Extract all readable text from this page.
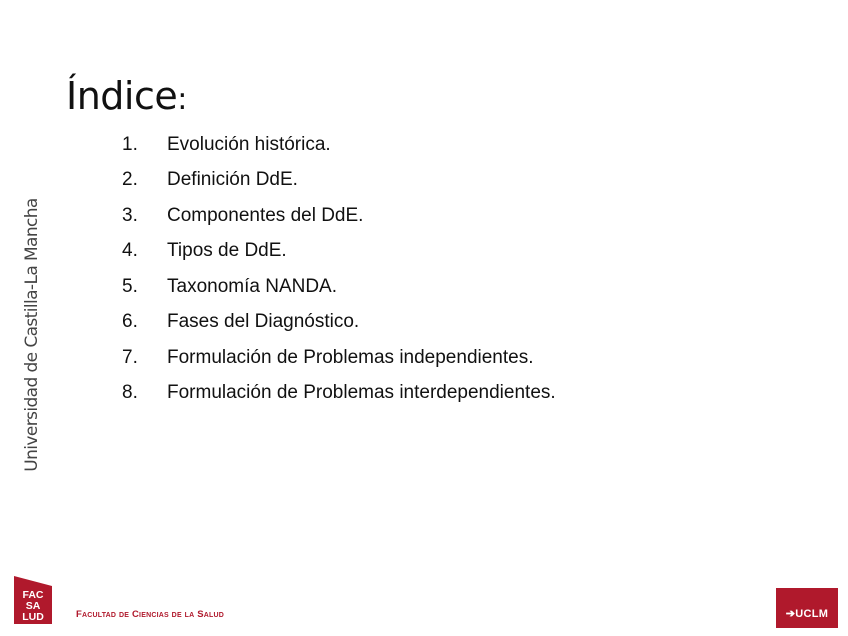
Índice:
Universidad de Castilla-La Mancha
1.	Evolución histórica.
2.	Definición DdE.
3.	Componentes del DdE.
4.	Tipos de DdE.
5.	Taxonomía NANDA.
6.	Fases del Diagnóstico.
7.	Formulación de Problemas independientes.
8.	Formulación de Problemas interdependientes.
FAC
SA
LUD	Facultad de Ciencias de la Salud	➔UCLM
